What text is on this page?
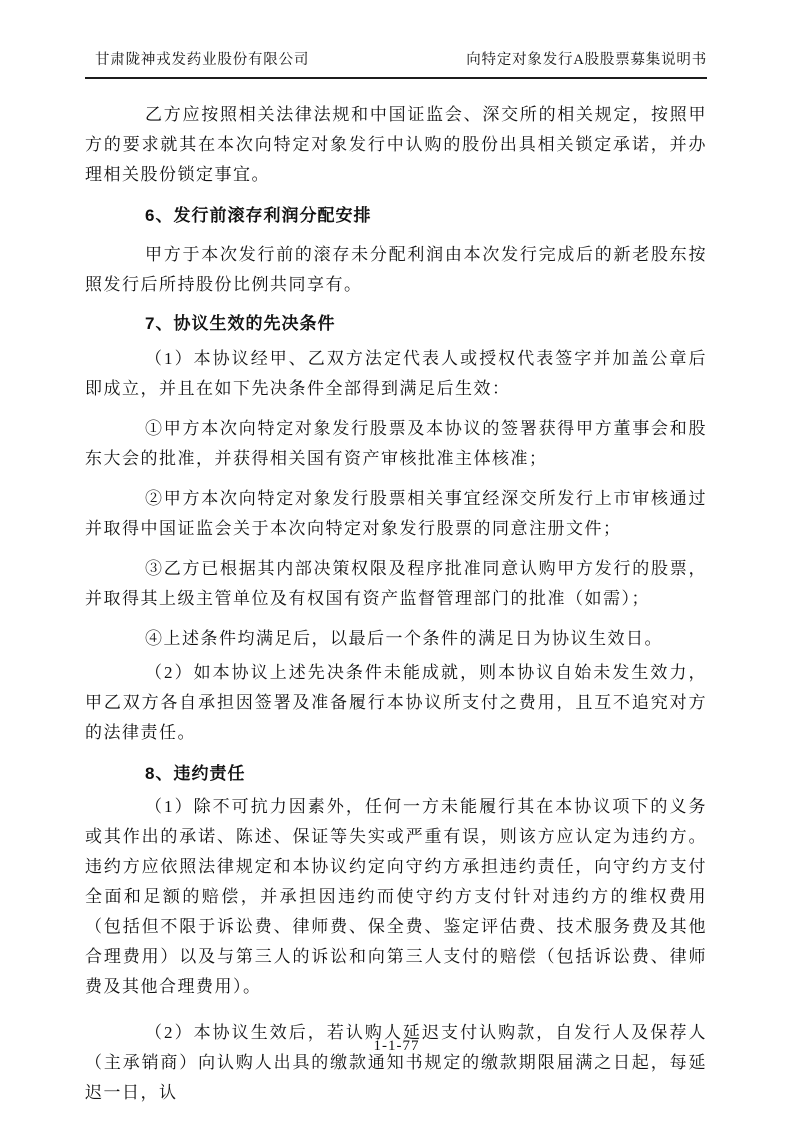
甘肃陇神戎发药业股份有限公司	向特定对象发行A股股票募集说明书

乙方应按照相关法律法规和中国证监会、深交所的相关规定，按照甲方的要求就其在本次向特定对象发行中认购的股份出具相关锁定承诺，并办理相关股份锁定事宜。

6、发行前滚存利润分配安排

甲方于本次发行前的滚存未分配利润由本次发行完成后的新老股东按照发行后所持股份比例共同享有。

7、协议生效的先决条件

（1）本协议经甲、乙双方法定代表人或授权代表签字并加盖公章后即成立，并且在如下先决条件全部得到满足后生效：

①甲方本次向特定对象发行股票及本协议的签署获得甲方董事会和股东大会的批准，并获得相关国有资产审核批准主体核准；

②甲方本次向特定对象发行股票相关事宜经深交所发行上市审核通过并取得中国证监会关于本次向特定对象发行股票的同意注册文件；

③乙方已根据其内部决策权限及程序批准同意认购甲方发行的股票，并取得其上级主管单位及有权国有资产监督管理部门的批准（如需）；

④上述条件均满足后，以最后一个条件的满足日为协议生效日。

（2）如本协议上述先决条件未能成就，则本协议自始未发生效力，甲乙双方各自承担因签署及准备履行本协议所支付之费用，且互不追究对方的法律责任。

8、违约责任

（1）除不可抗力因素外，任何一方未能履行其在本协议项下的义务或其作出的承诺、陈述、保证等失实或严重有误，则该方应认定为违约方。违约方应依照法律规定和本协议约定向守约方承担违约责任，向守约方支付全面和足额的赔偿，并承担因违约而使守约方支付针对违约方的维权费用（包括但不限于诉讼费、律师费、保全费、鉴定评估费、技术服务费及其他合理费用）以及与第三人的诉讼和向第三人支付的赔偿（包括诉讼费、律师费及其他合理费用）。

（2）本协议生效后，若认购人延迟支付认购款，自发行人及保荐人（主承销商）向认购人出具的缴款通知书规定的缴款期限届满之日起，每延迟一日，认

1-1-77
